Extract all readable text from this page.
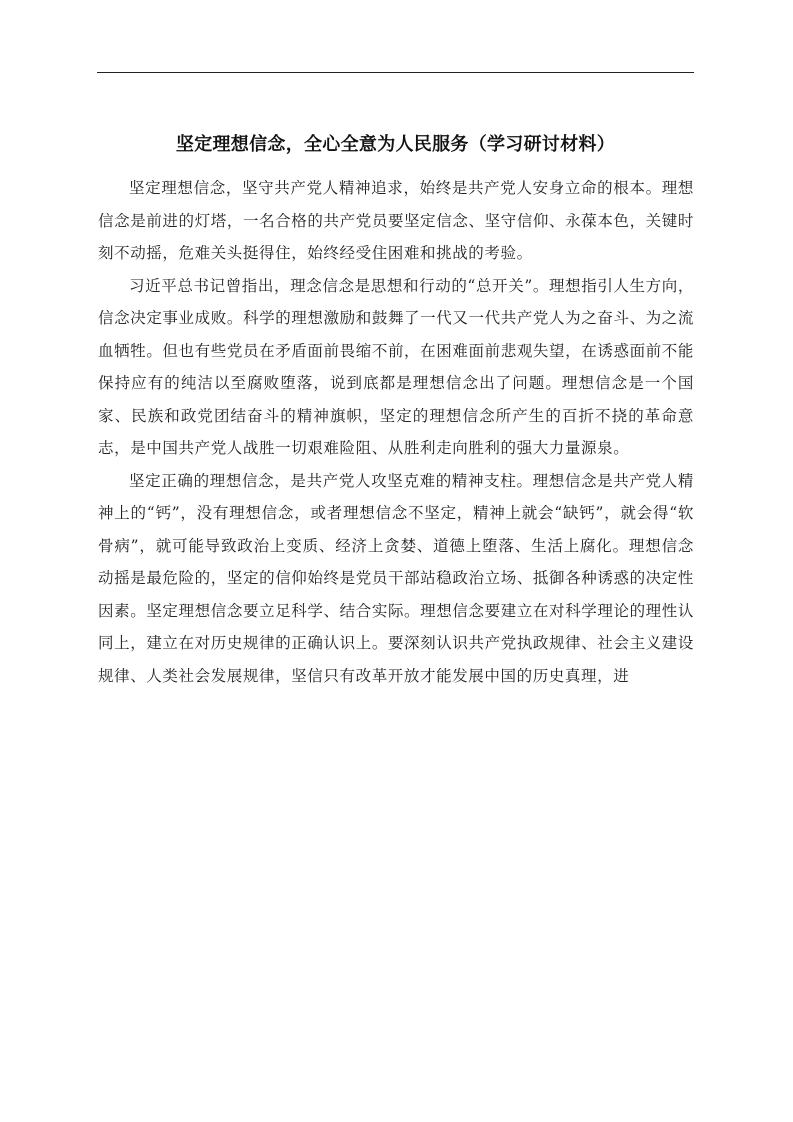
坚定理想信念，全心全意为人民服务（学习研讨材料）

坚定理想信念，坚守共产党人精神追求，始终是共产党人安身立命的根本。理想信念是前进的灯塔，一名合格的共产党员要坚定信念、坚守信仰、永葆本色，关键时刻不动摇，危难关头挺得住，始终经受住困难和挑战的考验。

习近平总书记曾指出，理念信念是思想和行动的“总开关”。理想指引人生方向，信念决定事业成败。科学的理想激励和鼓舞了一代又一代共产党人为之奋斗、为之流血牺牲。但也有些党员在矛盾面前畏缩不前，在困难面前悲观失望，在诱惑面前不能保持应有的纯洁以至腐败堕落，说到底都是理想信念出了问题。理想信念是一个国家、民族和政党团结奋斗的精神旗帜，坚定的理想信念所产生的百折不挠的革命意志，是中国共产党人战胜一切艰难险阻、从胜利走向胜利的强大力量源泉。

坚定正确的理想信念，是共产党人攻坚克难的精神支柱。理想信念是共产党人精神上的“钙”，没有理想信念，或者理想信念不坚定，精神上就会“缺钙”，就会得“软骨病”，就可能导致政治上变质、经济上贪婪、道德上堕落、生活上腐化。理想信念动摇是最危险的，坚定的信仰始终是党员干部站稳政治立场、抵御各种诱惑的决定性因素。坚定理想信念要立足科学、结合实际。理想信念要建立在对科学理论的理性认同上，建立在对历史规律的正确认识上。要深刻认识共产党执政规律、社会主义建设规律、人类社会发展规律，坚信只有改革开放才能发展中国的历史真理，进
